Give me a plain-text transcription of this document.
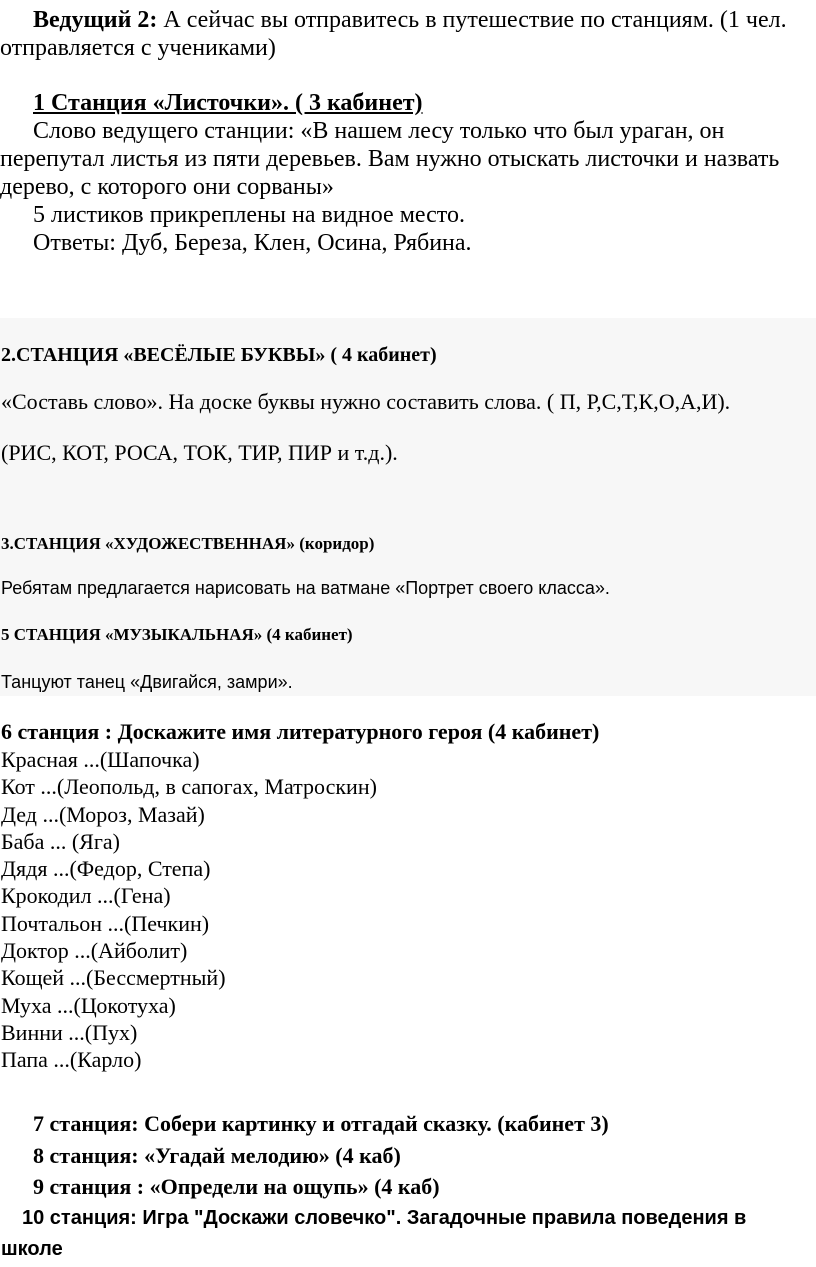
Ведущий 2: А сейчас вы отправитесь в путешествие по станциям. (1 чел.
отправляется с учениками)
1 Станция «Листочки». ( 3 кабинет)
Слово ведущего станции: «В нашем лесу только что был ураган, он
перепутал листья из пяти деревьев. Вам нужно отыскать листочки и назвать
дерево, с которого они сорваны»
5 листиков прикреплены на видное место.
Ответы: Дуб, Береза, Клен, Осина, Рябина.
2.СТАНЦИЯ «ВЕСЁЛЫЕ БУКВЫ» ( 4 кабинет)
«Составь слово». На доске буквы нужно составить слова. ( П, Р,С,Т,К,О,А,И).
(РИС, КОТ, РОСА, ТОК, ТИР, ПИР и т.д.).
3.СТАНЦИЯ «ХУДОЖЕСТВЕННАЯ» (коридор)
Ребятам предлагается нарисовать на ватмане «Портрет своего класса».
5 СТАНЦИЯ «МУЗЫКАЛЬНАЯ» (4 кабинет)
Танцуют танец «Двигайся, замри».
6 станция : Доскажите имя литературного героя (4 кабинет)
Красная ...(Шапочка)
Кот ...(Леопольд, в сапогах, Матроскин)
Дед ...(Мороз, Мазай)
Баба ... (Яга)
Дядя ...(Федор, Степа)
Крокодил ...(Гена)
Почтальон ...(Печкин)
Доктор ...(Айболит)
Кощей ...(Бессмертный)
Муха ...(Цокотуха)
Винни ...(Пух)
Папа ...(Карло)
7 станция: Собери картинку и отгадай сказку. (кабинет 3)
8 станция: «Угадай мелодию» (4 каб)
9 станция : «Определи на ощупь» (4 каб)
10 станция: Игра "Доскажи словечко". Загадочные правила поведения в
школе
